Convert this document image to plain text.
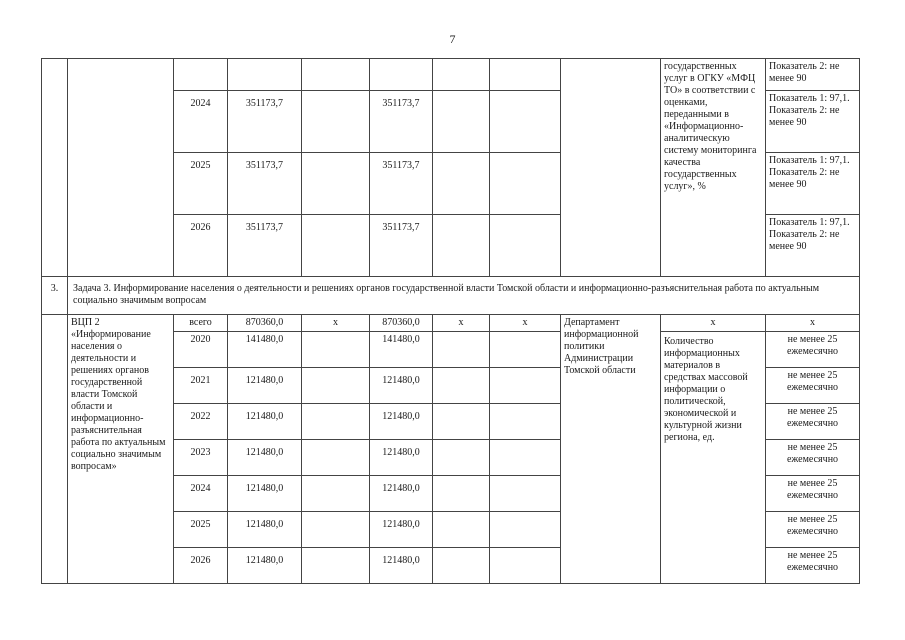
7
									государственных услуг в ОГКУ «МФЦ ТО» в соответствии с оценками, переданными в «Информационно-аналитическую систему мониторинга качества государственных услуг», %	Показатель 2: не менее 90
		2024	351173,7		351173,7					Показатель 1: 97,1. Показатель 2: не менее 90
		2025	351173,7		351173,7					Показатель 1: 97,1. Показатель 2: не менее 90
		2026	351173,7		351173,7					Показатель 1: 97,1. Показатель 2: не менее 90
3.	Задача 3. Информирование населения о деятельности и решениях органов государственной власти Томской области и информационно-разъяснительная работа по актуальным социально значимым вопросам									
	ВЦП 2 «Информирование населения о деятельности и решениях органов государственной власти Томской области и информационно-разъяснительная работа по актуальным социально значимым вопросам»	всего	870360,0	х	870360,0	х	х	Департамент информационной политики Администрации Томской области	х	х
		2020	141480,0		141480,0				Количество информационных материалов в средствах массовой информации о политической, экономической и культурной жизни региона, ед.	не менее 25 ежемесячно
		2021	121480,0		121480,0					не менее 25 ежемесячно
		2022	121480,0		121480,0					не менее 25 ежемесячно
		2023	121480,0		121480,0					не менее 25 ежемесячно
		2024	121480,0		121480,0					не менее 25 ежемесячно
		2025	121480,0		121480,0					не менее 25 ежемесячно
		2026	121480,0		121480,0					не менее 25 ежемесячно
